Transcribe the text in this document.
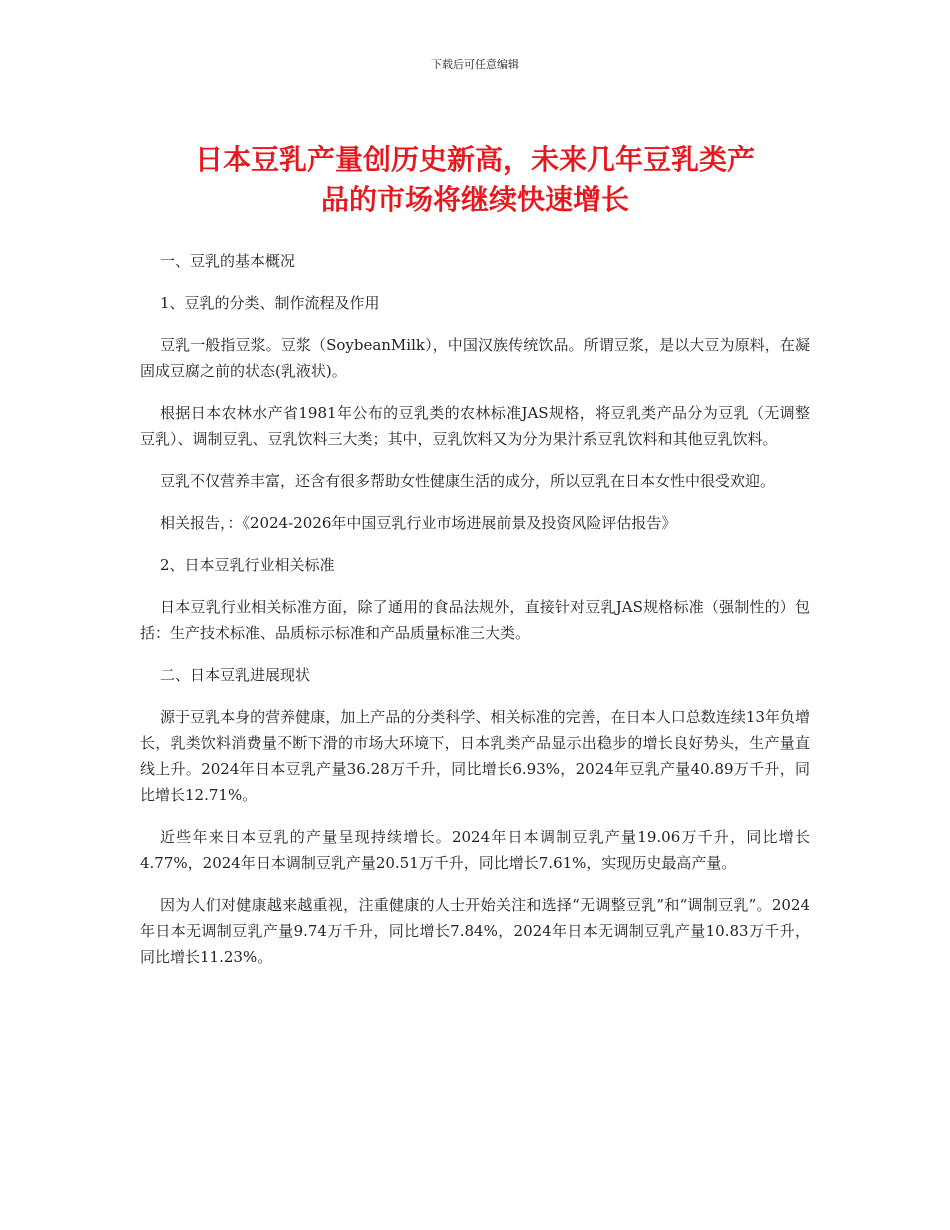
下载后可任意编辑
日本豆乳产量创历史新高，未来几年豆乳类产
品的市场将继续快速增长

一、豆乳的基本概况

1、豆乳的分类、制作流程及作用

豆乳一般指豆浆。豆浆（SoybeanMilk），中国汉族传统饮品。所谓豆浆，是以大豆为原料，在凝固成豆腐之前的状态(乳液状)。

根据日本农林水产省1981年公布的豆乳类的农林标准JAS规格，将豆乳类产品分为豆乳（无调整豆乳）、调制豆乳、豆乳饮料三大类；其中，豆乳饮料又为分为果汁系豆乳饮料和其他豆乳饮料。

豆乳不仅营养丰富，还含有很多帮助女性健康生活的成分，所以豆乳在日本女性中很受欢迎。

相关报告，：《2024-2026年中国豆乳行业市场进展前景及投资风险评估报告》

2、日本豆乳行业相关标准

日本豆乳行业相关标准方面，除了通用的食品法规外，直接针对豆乳JAS规格标准（强制性的）包括：生产技术标准、品质标示标准和产品质量标准三大类。

二、日本豆乳进展现状

源于豆乳本身的营养健康，加上产品的分类科学、相关标准的完善，在日本人口总数连续13年负增长，乳类饮料消费量不断下滑的市场大环境下，日本乳类产品显示出稳步的增长良好势头，生产量直线上升。2024年日本豆乳产量36.28万千升，同比增长6.93%，2024年豆乳产量40.89万千升，同比增长12.71%。

近些年来日本豆乳的产量呈现持续增长。2024年日本调制豆乳产量19.06万千升，同比增长4.77%，2024年日本调制豆乳产量20.51万千升，同比增长7.61%，实现历史最高产量。

因为人们对健康越来越重视，注重健康的人士开始关注和选择“无调整豆乳”和“调制豆乳”。2024年日本无调制豆乳产量9.74万千升，同比增长7.84%，2024年日本无调制豆乳产量10.83万千升，同比增长11.23%。
